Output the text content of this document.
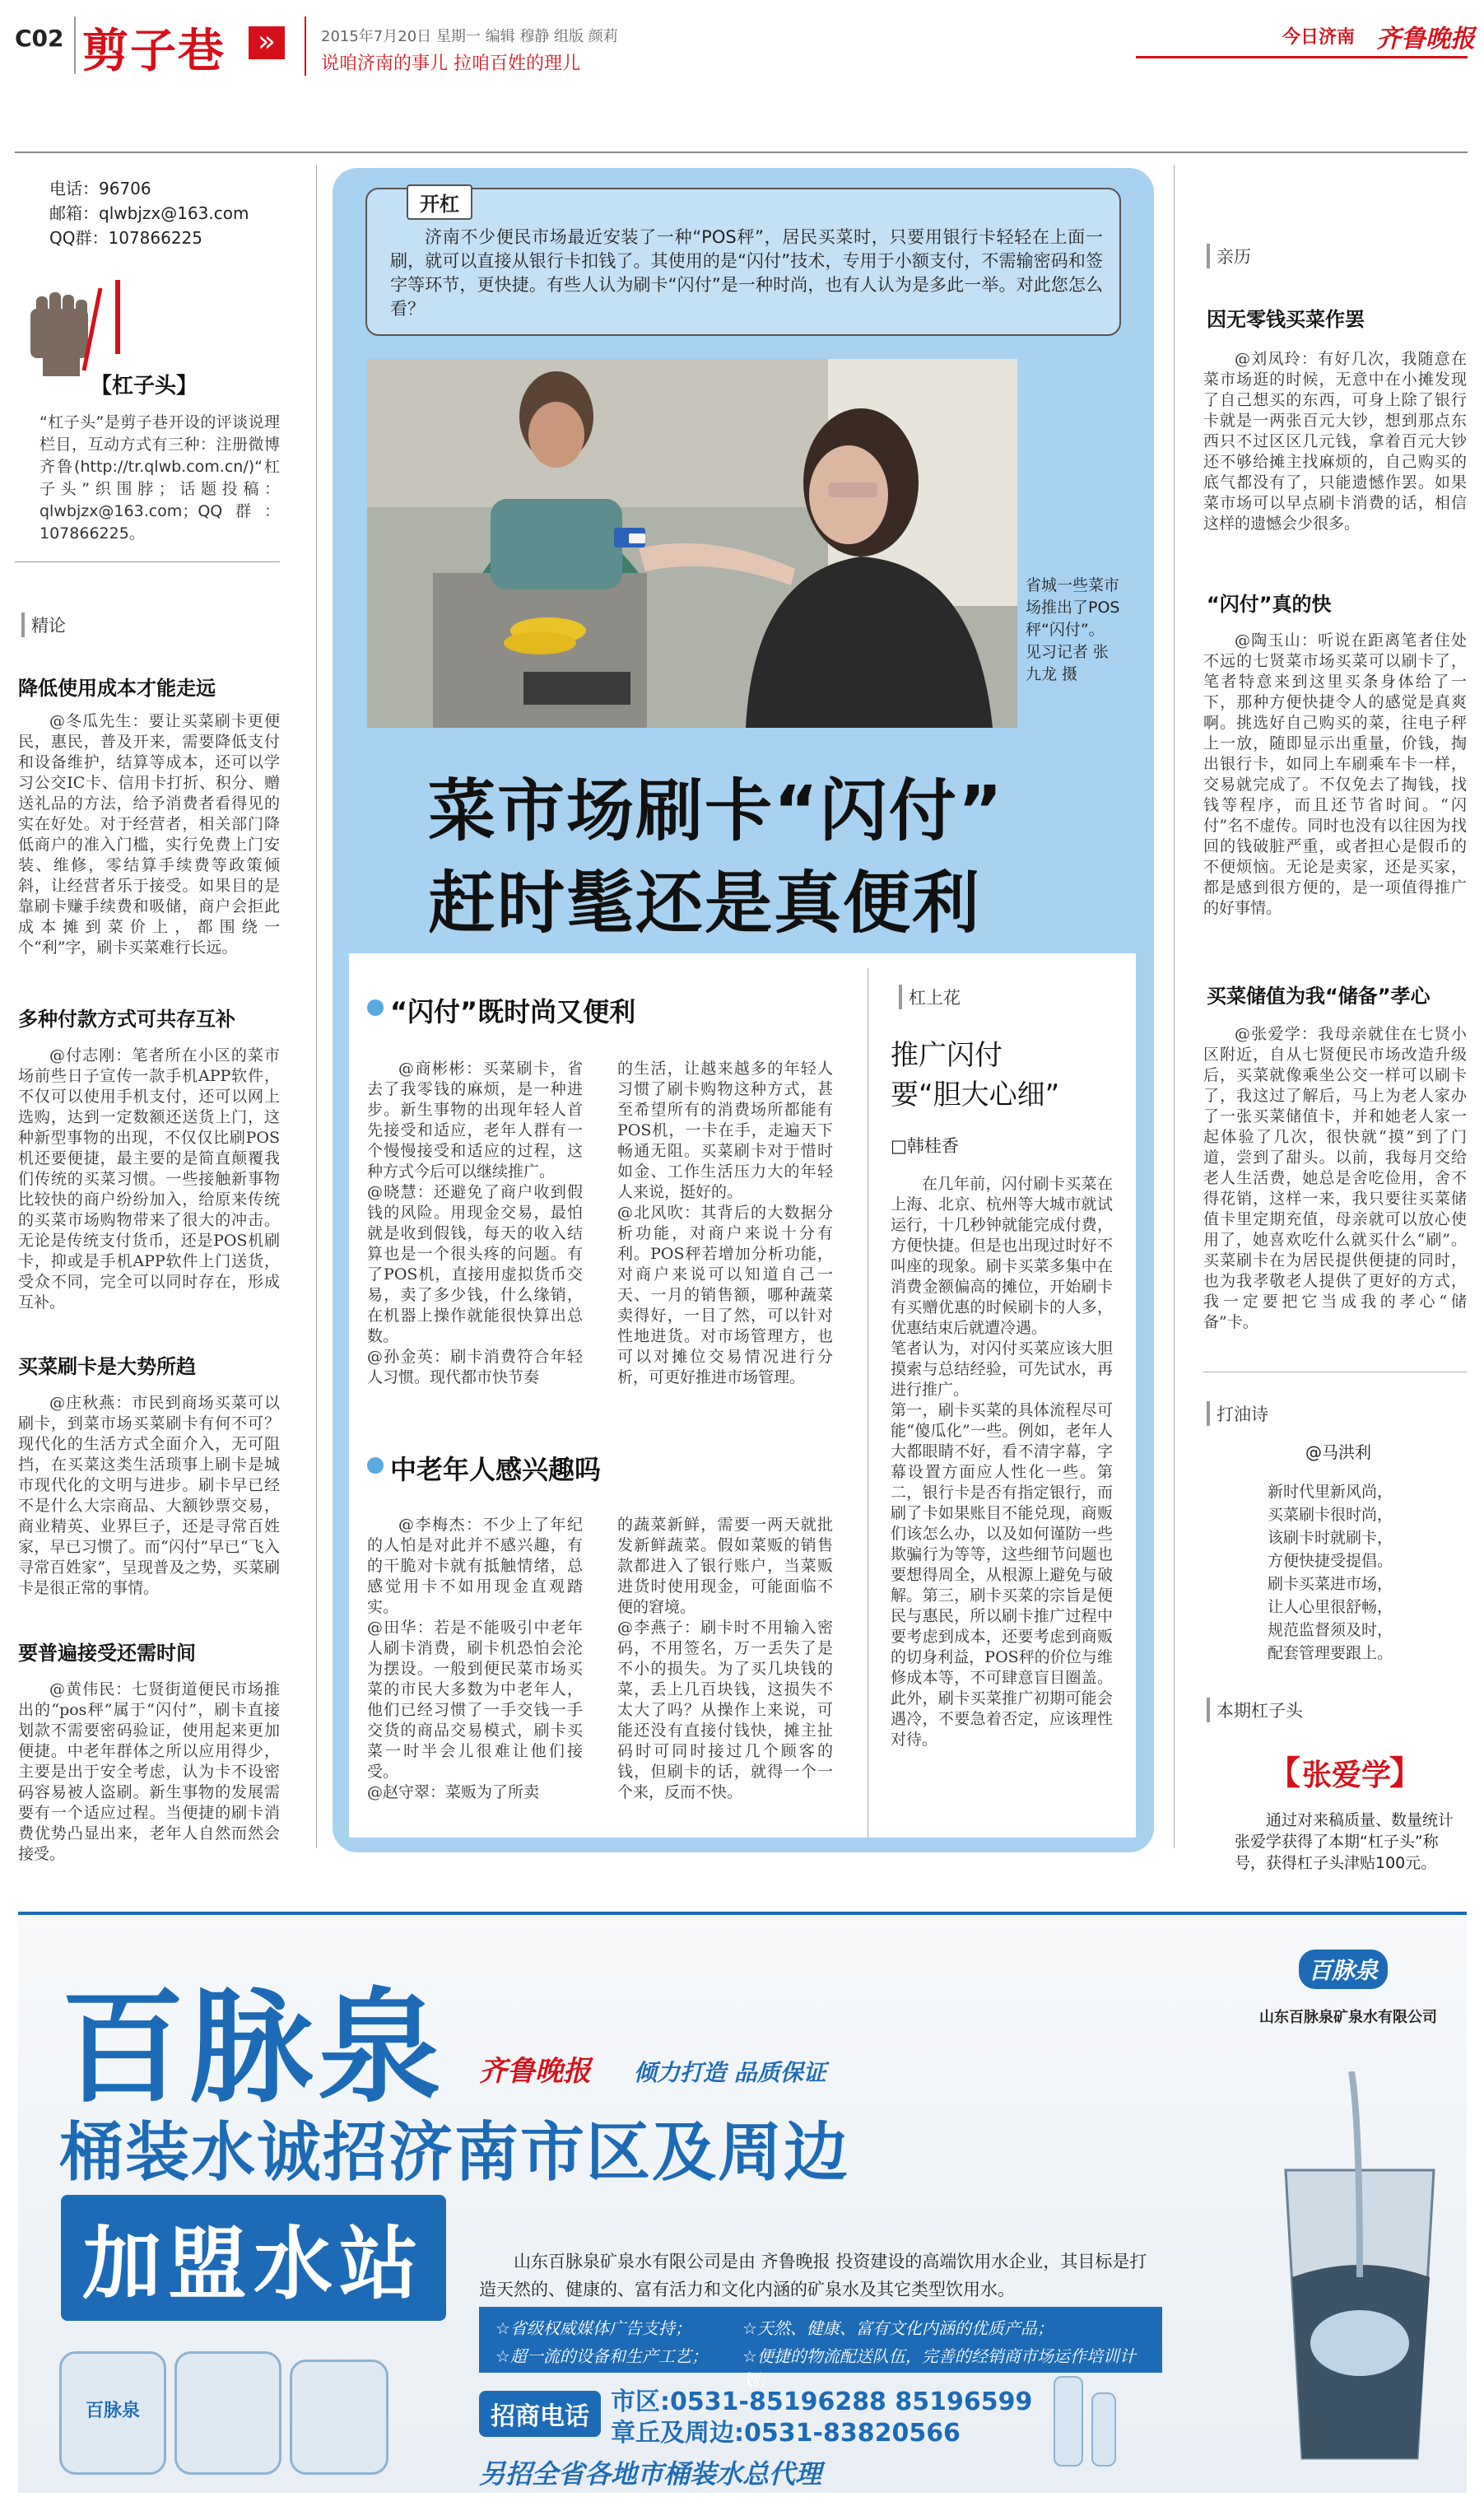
C02 剪子巷	»	2015年7月20日 星期一 编辑 穆静 组版 颜莉
说咱济南的事儿 拉咱百姓的理儿
今日济南 齐鲁晚报
电话：96706
邮箱：qlwbjzx@163.com
QQ群：107866225
【杠子头】

“杠子头”是剪子巷开设的评谈说理栏目，互动方式有三种：注册微博齐鲁(http://tr.qlwb.com.cn/)“杠子头”织围脖；话题投稿：qlwbjzx@163.com；QQ群：107866225。

精论
降低使用成本才能走远

@冬瓜先生：要让买菜刷卡更便民，惠民，普及开来，需要降低支付和设备维护，结算等成本，还可以学习公交IC卡、信用卡打折、积分、赠送礼品的方法，给予消费者看得见的实在好处。对于经营者，相关部门降低商户的准入门槛，实行免费上门安装、维修，零结算手续费等政策倾斜，让经营者乐于接受。如果目的是靠刷卡赚手续费和吸储，商户会拒此成本摊到菜价上，都围绕一个“利”字，刷卡买菜难行长远。

多种付款方式可共存互补

@付志刚：笔者所在小区的菜市场前些日子宣传一款手机APP软件，不仅可以使用手机支付，还可以网上选购，达到一定数额还送货上门，这种新型事物的出现，不仅仅比刷POS机还要便捷，最主要的是简直颠覆我们传统的买菜习惯。一些接触新事物比较快的商户纷纷加入，给原来传统的买菜市场购物带来了很大的冲击。无论是传统支付货币，还是POS机刷卡，抑或是手机APP软件上门送货，受众不同，完全可以同时存在，形成互补。

买菜刷卡是大势所趋

@庄秋燕：市民到商场买菜可以刷卡，到菜市场买菜刷卡有何不可？现代化的生活方式全面介入，无可阻挡，在买菜这类生活琐事上刷卡是城市现代化的文明与进步。刷卡早已经不是什么大宗商品、大额钞票交易，商业精英、业界巨子，还是寻常百姓家，早已习惯了。而“闪付”早已“飞入寻常百姓家”，呈现普及之势，买菜刷卡是很正常的事情。

要普遍接受还需时间

@黄伟民：七贤街道便民市场推出的“pos秤”属于“闪付”，刷卡直接划款不需要密码验证，使用起来更加便捷。中老年群体之所以应用得少，主要是出于安全考虑，认为卡不设密码容易被人盗刷。新生事物的发展需要有一个适应过程。当便捷的刷卡消费优势凸显出来，老年人自然而然会接受。

开杠

济南不少便民市场最近安装了一种“POS秤”，居民买菜时，只要用银行卡轻轻在上面一刷，就可以直接从银行卡扣钱了。其使用的是“闪付”技术，专用于小额支付，不需输密码和签字等环节，更快捷。有些人认为刷卡“闪付”是一种时尚，也有人认为是多此一举。对此您怎么看？

省城一些菜市场推出了POS秤“闪付”。 见习记者 张九龙 摄

菜市场刷卡“闪付”
赶时髦还是真便利
“闪付”既时尚又便利

@商彬彬：买菜刷卡，省去了我零钱的麻烦，是一种进步。新生事物的出现年轻人首先接受和适应，老年人群有一个慢慢接受和适应的过程，这种方式今后可以继续推广。
@晓慧：还避免了商户收到假钱的风险。用现金交易，最怕就是收到假钱，每天的收入结算也是一个很头疼的问题。有了POS机，直接用虚拟货币交易，卖了多少钱，什么缘销，在机器上操作就能很快算出总数。
@孙金英：刷卡消费符合年轻人习惯。现代都市快节奏

的生活，让越来越多的年轻人习惯了刷卡购物这种方式，甚至希望所有的消费场所都能有POS机，一卡在手，走遍天下畅通无阻。买菜刷卡对于惜时如金、工作生活压力大的年轻人来说，挺好的。
@北风吹：其背后的大数据分析功能，对商户来说十分有利。POS秤若增加分析功能，对商户来说可以知道自己一天、一月的销售额，哪种蔬菜卖得好，一目了然，可以针对性地进货。对市场管理方，也可以对摊位交易情况进行分析，可更好推进市场管理。

中老年人感兴趣吗

@李梅杰：不少上了年纪的人怕是对此并不感兴趣，有的干脆对卡就有抵触情绪，总感觉用卡不如用现金直观踏实。
@田华：若是不能吸引中老年人刷卡消费，刷卡机恐怕会沦为摆设。一般到便民菜市场买菜的市民大多数为中老年人，他们已经习惯了一手交钱一手交货的商品交易模式，刷卡买菜一时半会儿很难让他们接受。
@赵守翠：菜贩为了所卖

的蔬菜新鲜，需要一两天就批发新鲜蔬菜。假如菜贩的销售款都进入了银行账户，当菜贩进货时使用现金，可能面临不便的窘境。
@李燕子：刷卡时不用输入密码，不用签名，万一丢失了是不小的损失。为了买几块钱的菜，丢上几百块钱，这损失不太大了吗？从操作上来说，可能还没有直接付钱快，摊主扯码时可同时接过几个顾客的钱，但刷卡的话，就得一个一个来，反而不快。

杠上花
推广闪付
要“胆大心细”
□韩桂香

在几年前，闪付刷卡买菜在上海、北京、杭州等大城市就试运行，十几秒钟就能完成付费，方便快捷。但是也出现过时好不叫座的现象。刷卡买菜多集中在消费金额偏高的摊位，开始刷卡有买赠优惠的时候刷卡的人多，优惠结束后就遭冷遇。
笔者认为，对闪付买菜应该大胆摸索与总结经验，可先试水，再进行推广。
第一，刷卡买菜的具体流程尽可能“傻瓜化”一些。例如，老年人大都眼睛不好，看不清字幕，字幕设置方面应人性化一些。第二，银行卡是否有指定银行，而刷了卡如果账目不能兑现，商贩们该怎么办，以及如何谨防一些欺骗行为等等，这些细节问题也要想得周全，从根源上避免与破解。第三，刷卡买菜的宗旨是便民与惠民，所以刷卡推广过程中要考虑到成本，还要考虑到商贩的切身利益，POS秤的价位与维修成本等，不可肆意盲目圈盖。此外，刷卡买菜推广初期可能会遇冷，不要急着否定，应该理性对待。

亲历
因无零钱买菜作罢

@刘凤玲：有好几次，我随意在菜市场逛的时候，无意中在小摊发现了自己想买的东西，可身上除了银行卡就是一两张百元大钞，想到那点东西只不过区区几元钱，拿着百元大钞还不够给摊主找麻烦的，自己购买的底气都没有了，只能遗憾作罢。如果菜市场可以早点刷卡消费的话，相信这样的遗憾会少很多。

“闪付”真的快

@陶玉山：听说在距离笔者住处不远的七贤菜市场买菜可以刷卡了，笔者特意来到这里买条身体给了一下，那种方便快捷令人的感觉是真爽啊。挑选好自己购买的菜，往电子秤上一放，随即显示出重量，价钱，掏出银行卡，如同上车刷乘车卡一样，交易就完成了。不仅免去了掏钱，找钱等程序，而且还节省时间。“闪付”名不虚传。同时也没有以往因为找回的钱破脏严重，或者担心是假币的不便烦恼。无论是卖家，还是买家，都是感到很方便的，是一项值得推广的好事情。

买菜储值为我“储备”孝心

@张爱学：我母亲就住在七贤小区附近，自从七贤便民市场改造升级后，买菜就像乘坐公交一样可以刷卡了，我这过了解后，马上为老人家办了一张买菜储值卡，并和她老人家一起体验了几次，很快就“摸”到了门道，尝到了甜头。以前，我每月交给老人生活费，她总是舍吃俭用，舍不得花销，这样一来，我只要往买菜储值卡里定期充值，母亲就可以放心使用了，她喜欢吃什么就买什么“刷”。买菜刷卡在为居民提供便捷的同时，也为我孝敬老人提供了更好的方式，我一定要把它当成我的孝心“储备”卡。

打油诗
@马洪利
新时代里新风尚，
买菜刷卡很时尚，
该刷卡时就刷卡，
方便快捷受提倡。
刷卡买菜进市场，
让人心里很舒畅，
规范监督须及时，
配套管理要跟上。
本期杠子头
【 张爱学
】

通过对来稿质量、数量统计张爱学获得了本期“杠子头”称号，获得杠子头津贴100元。

百脉泉 齐鲁晚报 倾力打造 品质保证
桶装水诚招济南市区及周边
加盟水站
百脉泉
百脉泉
山东百脉泉矿泉水有限公司

山东百脉泉矿泉水有限公司是由 齐鲁晚报 投资建设的高端饮用水企业，其目标是打造天然的、健康的、富有活力和文化内涵的矿泉水及其它类型饮用水。

☆省级权威媒体广告支持；
☆超一流的设备和生产工艺；
☆天然、健康、富有文化内涵的优质产品；
☆便捷的物流配送队伍，完善的经销商市场运作培训计划；
招商电话
市区:0531-85196288 85196599
章丘及周边:0531-83820566
另招全省各地市桶装水总代理
